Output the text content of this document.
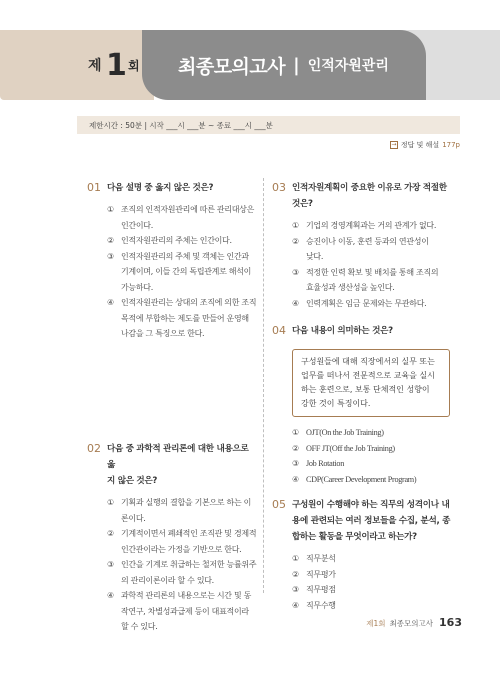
제 1 회 최종모의고사 | 인적자원관리
제한시간 : 50분 | 시작 ___시 ___분 ~ 종료 ___시 ___분
→ 정답 및 해설 177p
01 다음 설명 중 옳지 않은 것은?
① 조직의 인적자원관리에 따른 관리대상은
인간이다.
② 인적자원관리의 주체는 인간이다.
③ 인적자원관리의 주체 및 객체는 인간과
기계이며, 이들 간의 독립관계로 해석이
가능하다.
④ 인적자원관리는 상대의 조직에 의한 조직
목적에 부합하는 제도를 만들어 운영해
나감을 그 특징으로 한다.
02 다음 중 과학적 관리론에 대한 내용으로 옳
지 않은 것은?
① 기획과 실행의 결합을 기본으로 하는 이
론이다.
② 기계적이면서 폐쇄적인 조직관 및 경제적
인간관이라는 가정을 기반으로 한다.
③ 인간을 기계로 취급하는 철저한 능률위주
의 관리이론이라 할 수 있다.
④ 과학적 관리론의 내용으로는 시간 및 동
작연구, 차별성과급제 등이 대표적이라
할 수 있다.
03 인적자원계획이 중요한 이유로 가장 적절한
것은?
① 기업의 경영계획과는 거의 관계가 없다.
② 승진이나 이동, 훈련 등과의 연관성이
낮다.
③ 적정한 인력 확보 및 배치를 통해 조직의
효율성과 생산성을 높인다.
④ 인력계획은 임금 문제와는 무관하다.
04 다음 내용이 의미하는 것은?
구성원들에 대해 직장에서의 실무 또는
업무를 떠나서 전문적으로 교육을 실시
하는 훈련으로, 보통 단체적인 성향이
강한 것이 특징이다.
① OJT(On the Job Training)
② OFF JT(Off the Job Training)
③ Job Rotation
④ CDP(Career Development Program)
05 구성원이 수행해야 하는 직무의 성격이나 내
용에 관련되는 여러 정보들을 수집, 분석, 종
합하는 활동을 무엇이라고 하는가?
① 직무분석
② 직무평가
③ 직무평점
④ 직무수행
제1회 최종모의고사 163
